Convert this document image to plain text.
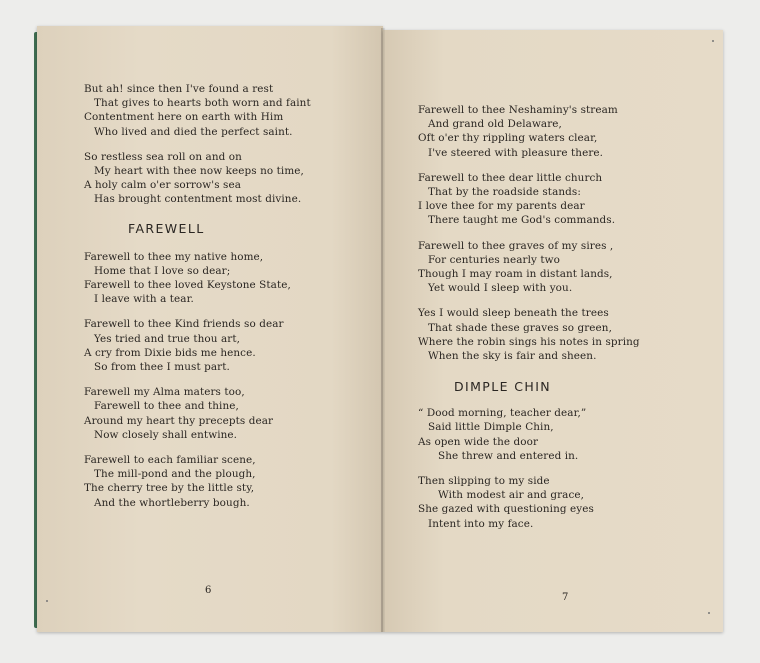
But ah! since then I've found a rest
That gives to hearts both worn and faint
Contentment here on earth with Him
Who lived and died the perfect saint.
So restless sea roll on and on
My heart with thee now keeps no time,
A holy calm o'er sorrow's sea
Has brought contentment most divine.
FAREWELL
Farewell to thee my native home,
Home that I love so dear;
Farewell to thee loved Keystone State,
I leave with a tear.
Farewell to thee Kind friends so dear
Yes tried and true thou art,
A cry from Dixie bids me hence.
So from thee I must part.
Farewell my Alma maters too,
Farewell to thee and thine,
Around my heart thy precepts dear
Now closely shall entwine.
Farewell to each familiar scene,
The mill-pond and the plough,
The cherry tree by the little sty,
And the whortleberry bough.
6
Farewell to thee Neshaminy's stream
And grand old Delaware,
Oft o'er thy rippling waters clear,
I've steered with pleasure there.
Farewell to thee dear little church
That by the roadside stands:
I love thee for my parents dear
There taught me God's commands.
Farewell to thee graves of my sires ,
For centuries nearly two
Though I may roam in distant lands,
Yet would I sleep with you.
Yes I would sleep beneath the trees
That shade these graves so green,
Where the robin sings his notes in spring
When the sky is fair and sheen.
DIMPLE CHIN
“ Dood morning, teacher dear,”
Said little Dimple Chin,
As open wide the door
She threw and entered in.
Then slipping to my side
With modest air and grace,
She gazed with questioning eyes
Intent into my face.
7
